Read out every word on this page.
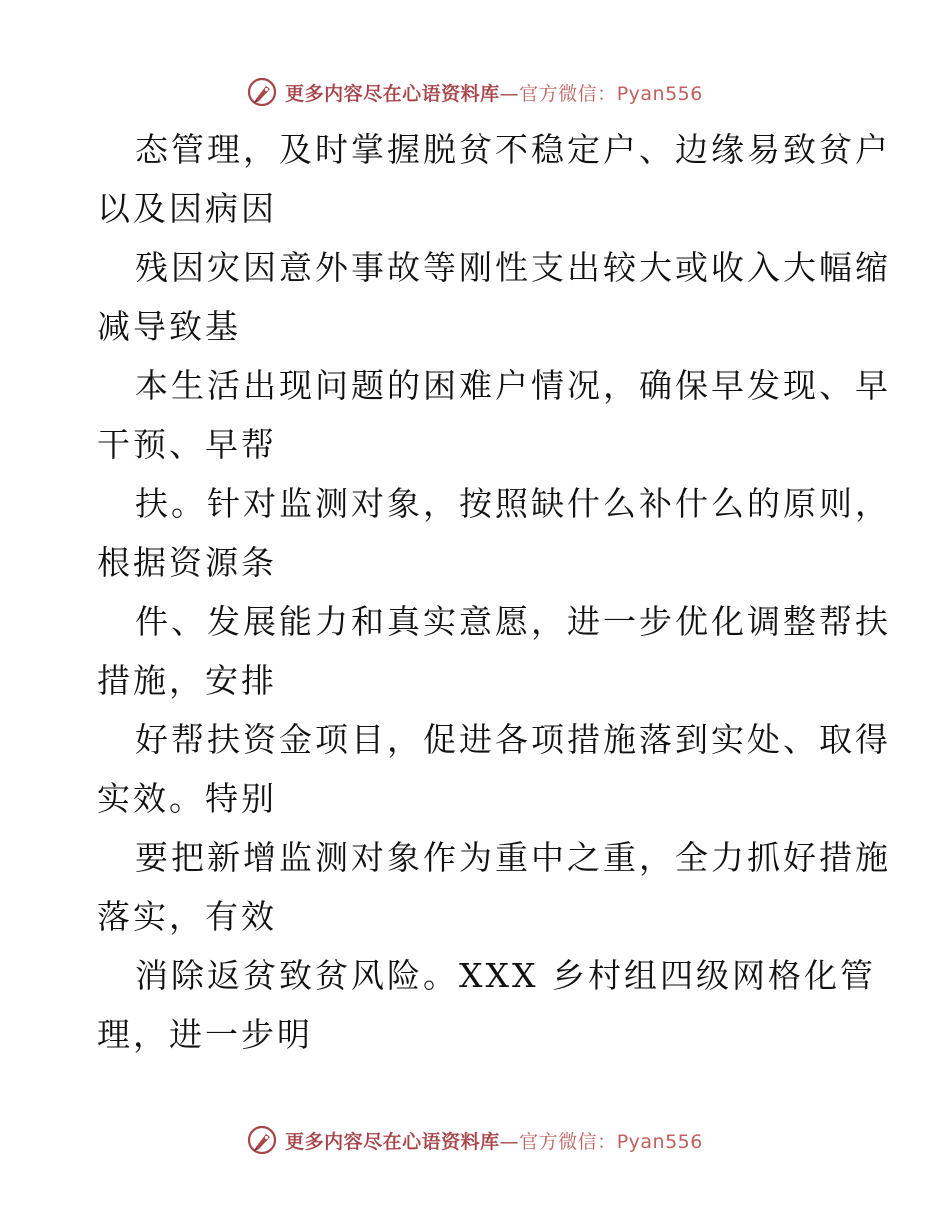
更多内容尽在心语资料库—官方微信：Pyan556
态管理，及时掌握脱贫不稳定户、边缘易致贫户
以及因病因
残因灾因意外事故等刚性支出较大或收入大幅缩
减导致基
本生活出现问题的困难户情况，确保早发现、早
干预、早帮
扶。针对监测对象，按照缺什么补什么的原则，
根据资源条
件、发展能力和真实意愿，进一步优化调整帮扶
措施，安排
好帮扶资金项目，促进各项措施落到实处、取得
实效。特别
要把新增监测对象作为重中之重，全力抓好措施
落实，有效
消除返贫致贫风险。XXX 乡村组四级网格化管
理，进一步明
更多内容尽在心语资料库—官方微信：Pyan556
